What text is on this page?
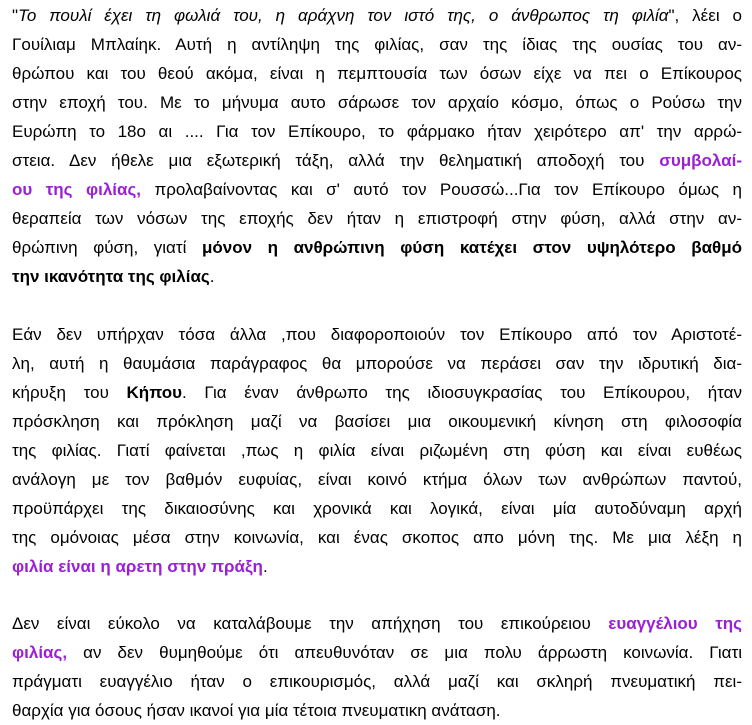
"Το πουλί έχει τη φωλιά του, η αράχνη τον ιστό της, ο άνθρωπος τη φιλία", λέει ο
Γουίλιαμ Μπλαίηκ. Αυτή η αντίληψη της φιλίας, σαν της ίδιας της ουσίας του αν-
θρώπου και του θεού ακόμα, είναι η πεμπτουσία των όσων είχε να πει ο Επίκουρος
στην εποχή του. Με το μήνυμα αυτο σάρωσε τον αρχαίο κόσμο, όπως ο Ρούσω την
Ευρώπη το 18ο αι .... Για τον Επίκουρο, το φάρμακο ήταν χειρότερο απ' την αρρώ-
στεια. Δεν ήθελε μια εξωτερική τάξη, αλλά την θεληματική αποδοχή του συμβολαί-
ου της φιλίας, προλαβαίνοντας και σ' αυτό τον Ρουσσώ...Για τον Επίκουρο όμως η
θεραπεία των νόσων της εποχής δεν ήταν η επιστροφή στην φύση, αλλά στην αν-
θρώπινη φύση, γιατί μόνον η ανθρώπινη φύση κατέχει στον υψηλότερο βαθμό
την ικανότητα της φιλίας.
Εάν δεν υπήρχαν τόσα άλλα ,που διαφοροποιούν τον Επίκουρο από τον Αριστοτέ-
λη, αυτή η θαυμάσια παράγραφος θα μπορούσε να περάσει σαν την ιδρυτική δια-
κήρυξη του Κήπου. Για έναν άνθρωπο της ιδιοσυγκρασίας του Επίκουρου, ήταν
πρόσκληση και πρόκληση μαζί να βασίσει μια οικουμενική κίνηση στη φιλοσοφία
της φιλίας. Γιατί φαίνεται ,πως η φιλία είναι ριζωμένη στη φύση και είναι ευθέως
ανάλογη με τον βαθμόν ευφυίας, είναι κοινό κτήμα όλων των ανθρώπων παντού,
προϋπάρχει της δικαιοσύνης και χρονικά και λογικά, είναι μία αυτοδύναμη αρχή
της ομόνοιας μέσα στην κοινωνία, και ένας σκοπος απο μόνη της. Με μια λέξη η
φιλία είναι η αρετη στην πράξη.
Δεν είναι εύκολο να καταλάβουμε την απήχηση του επικούρειου ευαγγέλιου της
φιλίας, αν δεν θυμηθούμε ότι απευθυνόταν σε μια πολυ άρρωστη κοινωνία. Γιατι
πράγματι ευαγγέλιο ήταν ο επικουρισμός, αλλά μαζί και σκληρή πνευματική πει-
θαρχία για όσους ήσαν ικανοί για μία τέτοια πνευματικη ανάταση.
